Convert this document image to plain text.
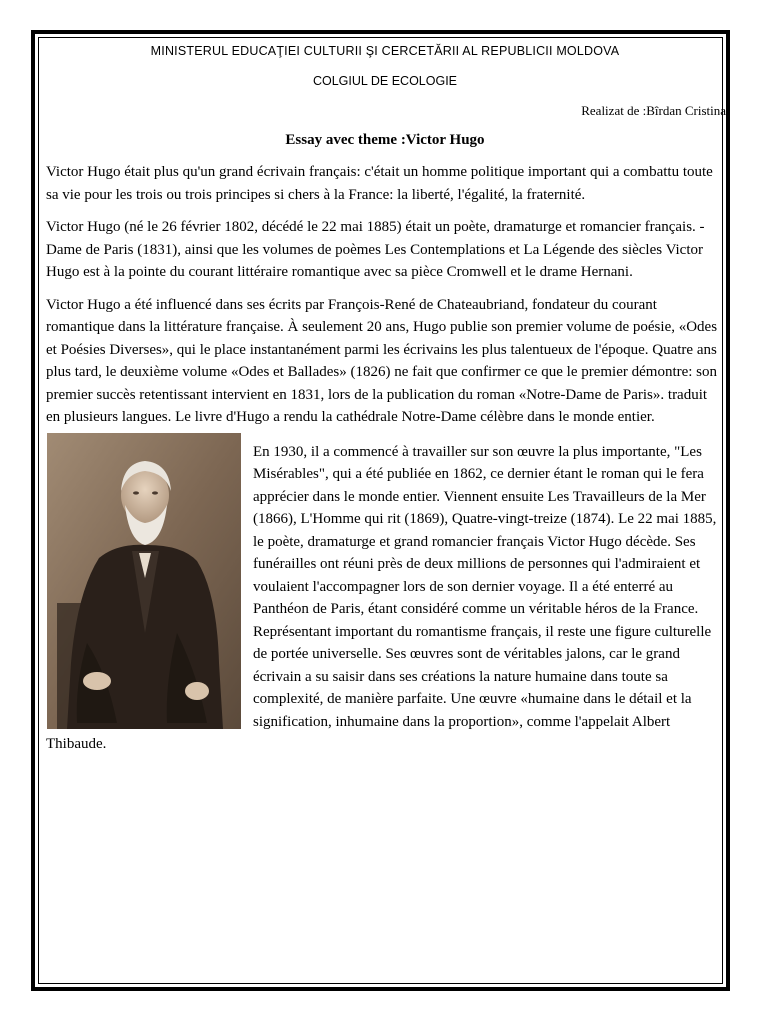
MINISTERUL EDUCAŢIEI CULTURII ŞI CERCETĂRII AL REPUBLICII MOLDOVA
COLGIUL DE ECOLOGIE
Realizat de :Bîrdan Cristina
Essay avec theme :Victor Hugo

Victor Hugo était plus qu'un grand écrivain français: c'était un homme politique important qui a combattu toute sa vie pour les trois ou trois principes si chers à la France: la liberté, l'égalité, la fraternité.

Victor Hugo (né le 26 février 1802, décédé le 22 mai 1885) était un poète, dramaturge et romancier français. -Dame de Paris (1831), ainsi que les volumes de poèmes Les Contemplations et La Légende des siècles Victor Hugo est à la pointe du courant littéraire romantique avec sa pièce Cromwell et le drame Hernani.

Victor Hugo a été influencé dans ses écrits par François-René de Chateaubriand, fondateur du courant romantique dans la littérature française. À seulement 20 ans, Hugo publie son premier volume de poésie, «Odes et Poésies Diverses», qui le place instantanément parmi les écrivains les plus talentueux de l'époque. Quatre ans plus tard, le deuxième volume «Odes et Ballades» (1826) ne fait que confirmer ce que le premier démontre: son premier succès retentissant intervient en 1831, lors de la publication du roman «Notre-Dame de Paris». traduit en plusieurs langues. Le livre d'Hugo a rendu la cathédrale Notre-Dame célèbre dans le monde entier.

En 1930, il a commencé à travailler sur son œuvre la plus importante, "Les Misérables", qui a été publiée en 1862, ce dernier étant le roman qui le fera apprécier dans le monde entier. Viennent ensuite Les Travailleurs de la Mer (1866), L'Homme qui rit (1869), Quatre-vingt-treize (1874). Le 22 mai 1885, le poète, dramaturge et grand romancier français Victor Hugo décède. Ses funérailles ont réuni près de deux millions de personnes qui l'admiraient et voulaient l'accompagner lors de son dernier voyage. Il a été enterré au Panthéon de Paris, étant considéré comme un véritable héros de la France. Représentant important du romantisme français, il reste une figure culturelle de portée universelle. Ses œuvres sont de véritables jalons, car le grand écrivain a su saisir dans ses créations la nature humaine dans toute sa complexité, de manière parfaite. Une œuvre «humaine dans le détail et la signification, inhumaine dans la proportion», comme l'appelait Albert Thibaude.
